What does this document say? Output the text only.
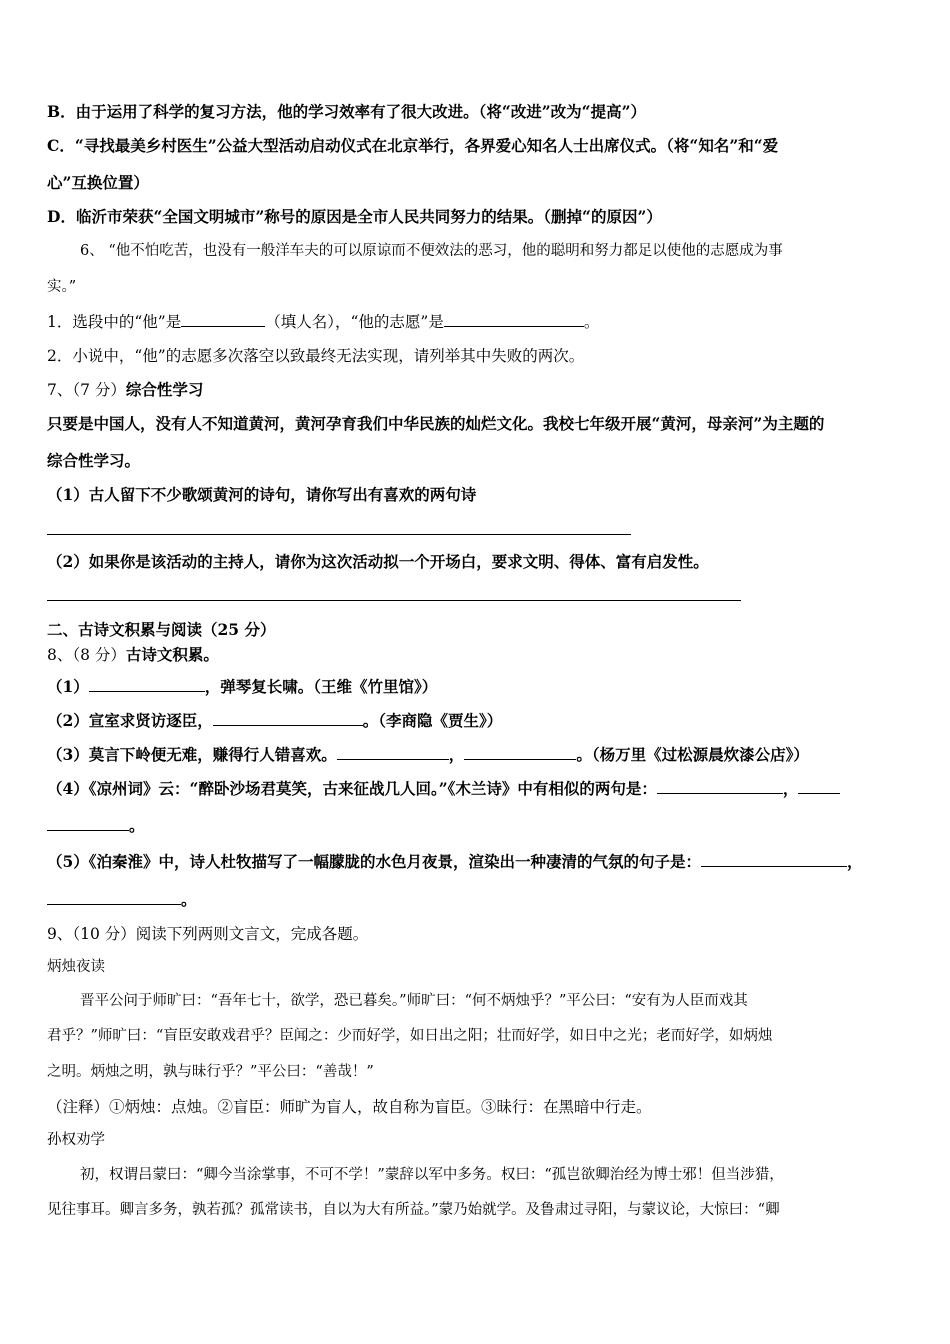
B．由于运用了科学的复习方法，他的学习效率有了很大改进。（将“改进”改为“提高”）
C．“寻找最美乡村医生”公益大型活动启动仪式在北京举行，各界爱心知名人士出席仪式。（将“知名”和“爱
心”互换位置）
D．临沂市荣获“全国文明城市”称号的原因是全市人民共同努力的结果。（删掉“的原因”）
6、 “他不怕吃苦，也没有一般洋车夫的可以原谅而不便效法的恶习，他的聪明和努力都足以使他的志愿成为事
实。”
1．选段中的“他”是	（填人名），“他的志愿”是	。
2．小说中，“他”的志愿多次落空以致最终无法实现，请列举其中失败的两次。
7、（7 分）综合性学习
只要是中国人，没有人不知道黄河，黄河孕育我们中华民族的灿烂文化。我校七年级开展“黄河，母亲河”为主题的
综合性学习。
（1）古人留下不少歌颂黄河的诗句，请你写出有喜欢的两句诗
（2）如果你是该活动的主持人，请你为这次活动拟一个开场白，要求文明、得体、富有启发性。
二、古诗文积累与阅读（25 分）
8、（8 分）古诗文积累。
（1）	，弹琴复长啸。（王维《竹里馆》）
（2）宣室求贤访逐臣，	。（李商隐《贾生》）
（3）莫言下岭便无难，赚得行人错喜欢。	，	。（杨万里《过松源晨炊漆公店》）
（4）《凉州词》云：“醉卧沙场君莫笑，古来征战几人回。”《木兰诗》中有相似的两句是：	，
。
（5）《泊秦淮》中，诗人杜牧描写了一幅朦胧的水色月夜景，渲染出一种凄清的气氛的句子是：	，
。
9、（10 分）阅读下列两则文言文，完成各题。
炳烛夜读
晋平公问于师旷曰：“吾年七十，欲学，恐已暮矣。”师旷曰：“何不炳烛乎？”平公曰：“安有为人臣而戏其
君乎？”师旷曰：“盲臣安敢戏君乎？臣闻之：少而好学，如日出之阳；壮而好学，如日中之光；老而好学，如炳烛
之明。炳烛之明，孰与昧行乎？”平公曰：“善哉！”
（注释）①炳烛：点烛。②盲臣：师旷为盲人，故自称为盲臣。③昧行：在黑暗中行走。
孙权劝学
初，权谓吕蒙曰：“卿今当涂掌事，不可不学！”蒙辞以军中多务。权曰：“孤岂欲卿治经为博士邪！但当涉猎，
见往事耳。卿言多务，孰若孤？孤常读书，自以为大有所益。”蒙乃始就学。及鲁肃过寻阳，与蒙议论，大惊曰：“卿
